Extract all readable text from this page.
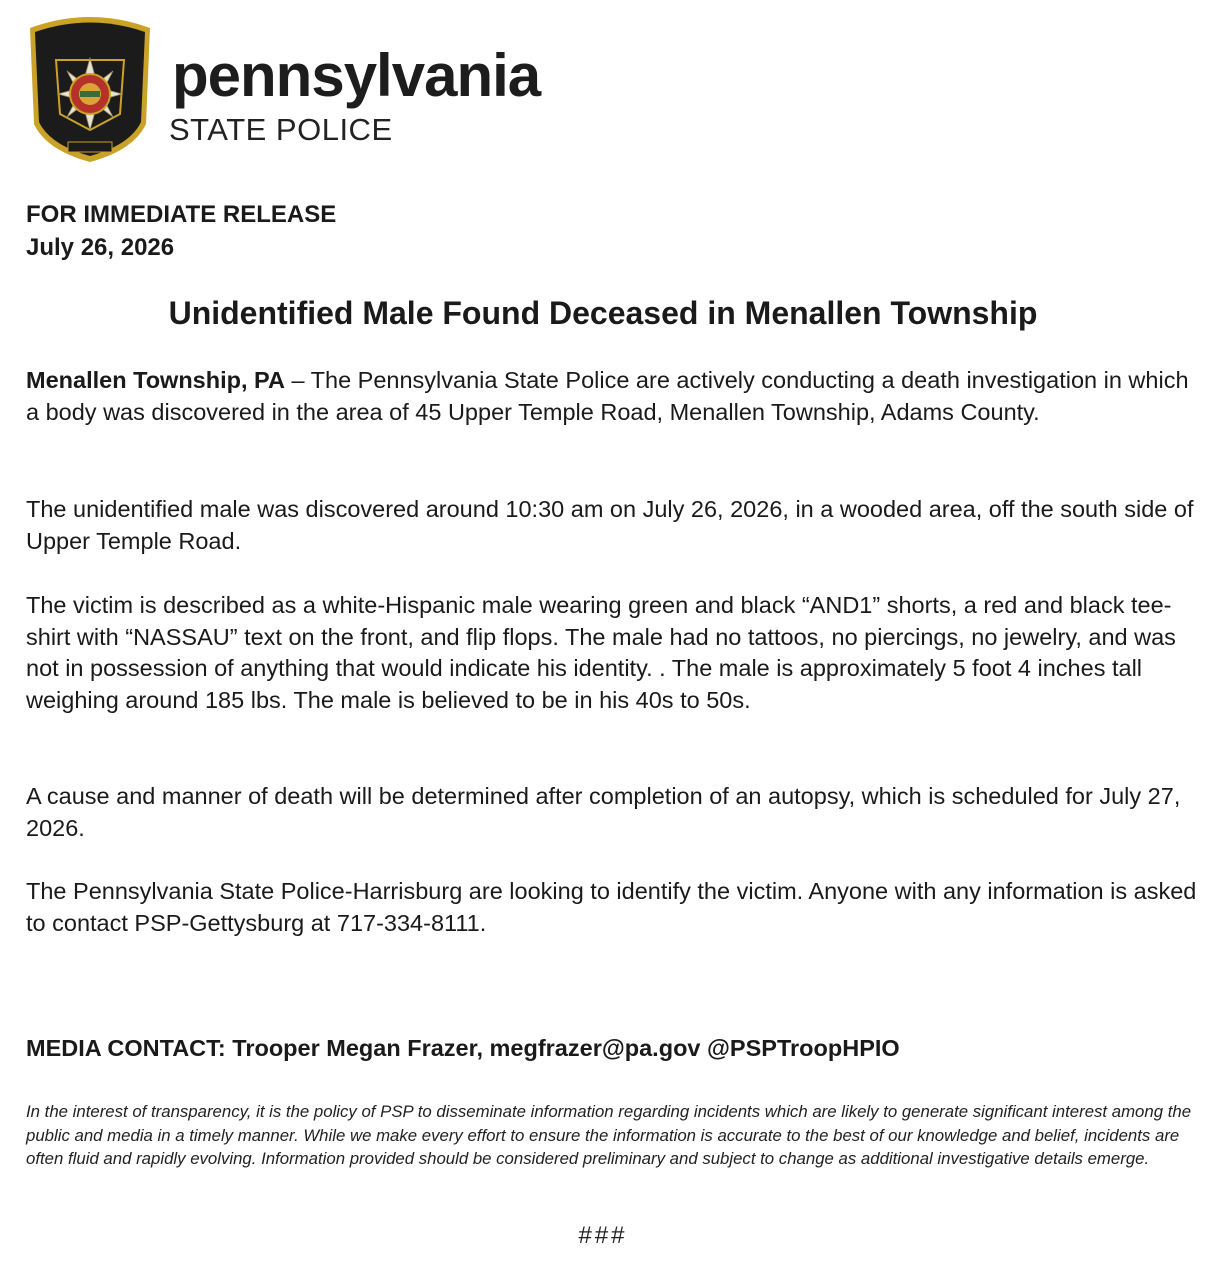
pennsylvania
STATE POLICE
FOR IMMEDIATE RELEASE
July 26, 2026
Unidentified Male Found Deceased in Menallen Township
Menallen Township, PA – The Pennsylvania State Police are actively conducting a death investigation in which a body was discovered in the area of 45 Upper Temple Road, Menallen Township, Adams County.
The unidentified male was discovered around 10:30 am on July 26, 2026, in a wooded area, off the south side of Upper Temple Road.
The victim is described as a white-Hispanic male wearing green and black “AND1” shorts, a red and black tee-shirt with “NASSAU” text on the front, and flip flops. The male had no tattoos, no piercings, no jewelry, and was not in possession of anything that would indicate his identity. . The male is approximately 5 foot 4 inches tall weighing around 185 lbs. The male is believed to be in his 40s to 50s.
A cause and manner of death will be determined after completion of an autopsy, which is scheduled for July 27, 2026.
The Pennsylvania State Police-Harrisburg are looking to identify the victim. Anyone with any information is asked to contact PSP-Gettysburg at 717-334-8111.
MEDIA CONTACT: Trooper Megan Frazer, megfrazer@pa.gov @PSPTroopHPIO
In the interest of transparency, it is the policy of PSP to disseminate information regarding incidents which are likely to generate significant interest among the public and media in a timely manner. While we make every effort to ensure the information is accurate to the best of our knowledge and belief, incidents are often fluid and rapidly evolving. Information provided should be considered preliminary and subject to change as additional investigative details emerge.
###
